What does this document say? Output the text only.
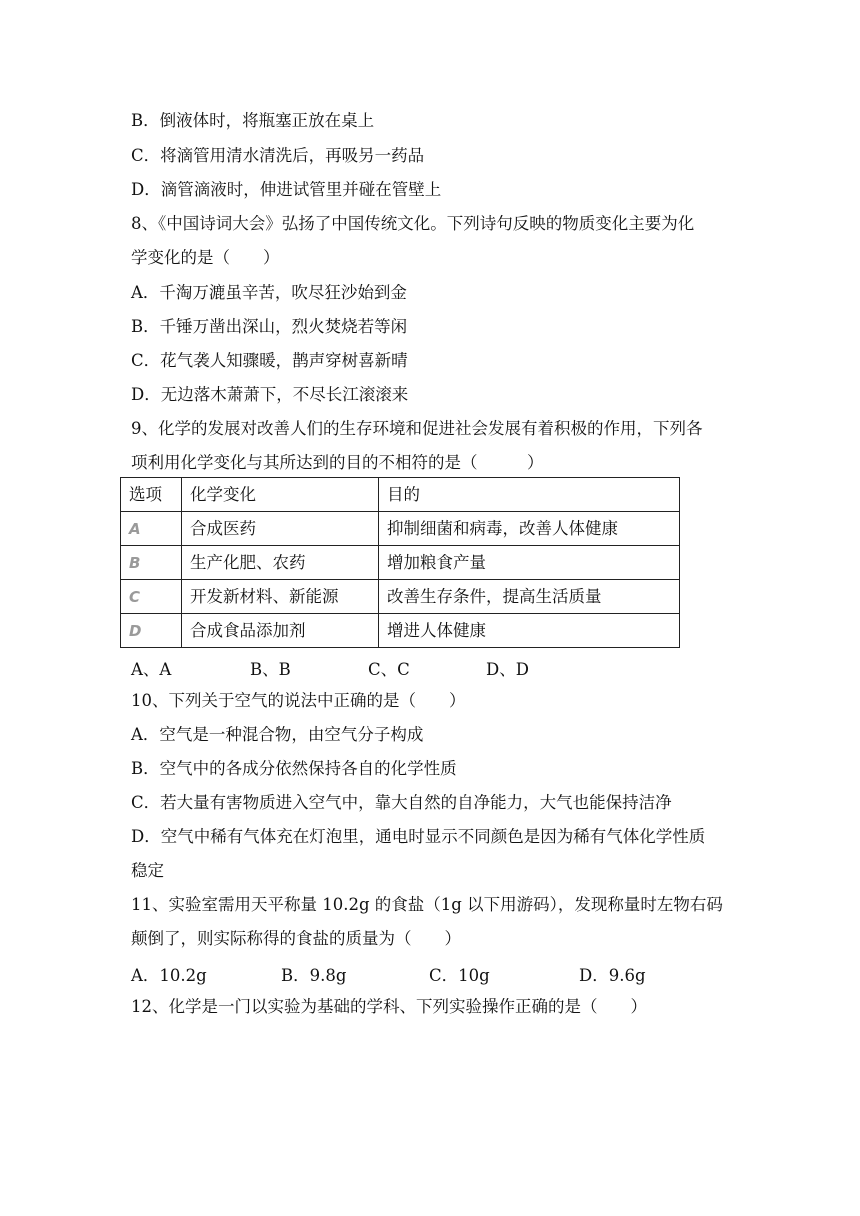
B．倒液体时，将瓶塞正放在桌上
C．将滴管用清水清洗后，再吸另一药品
D．滴管滴液时，伸进试管里并碰在管壁上
8、《中国诗词大会》弘扬了中国传统文化。下列诗句反映的物质变化主要为化
学变化的是（　　）
A．千淘万漉虽辛苦，吹尽狂沙始到金
B．千锤万凿出深山，烈火焚烧若等闲
C．花气袭人知骤暖，鹊声穿树喜新晴
D．无边落木萧萧下，不尽长江滚滚来
9、化学的发展对改善人们的生存环境和促进社会发展有着积极的作用，下列各
项利用化学变化与其所达到的目的不相符的是（　　　）
选项	化学变化	目的
A	合成医药	抑制细菌和病毒，改善人体健康
B	生产化肥、农药	增加粮食产量
C	开发新材料、新能源	改善生存条件，提高生活质量
D	合成食品添加剂	增进人体健康
A、A	B、B	C、C	D、D
10、下列关于空气的说法中正确的是（　　）
A．空气是一种混合物，由空气分子构成
B．空气中的各成分依然保持各自的化学性质
C．若大量有害物质进入空气中，靠大自然的自净能力，大气也能保持洁净
D．空气中稀有气体充在灯泡里，通电时显示不同颜色是因为稀有气体化学性质
稳定
11、实验室需用天平称量 10.2g 的食盐（1g 以下用游码），发现称量时左物右码
颠倒了，则实际称得的食盐的质量为（　　）
A．10.2g	B．9.8g	C．10g	D．9.6g
12、化学是一门以实验为基础的学科、下列实验操作正确的是（　　）
